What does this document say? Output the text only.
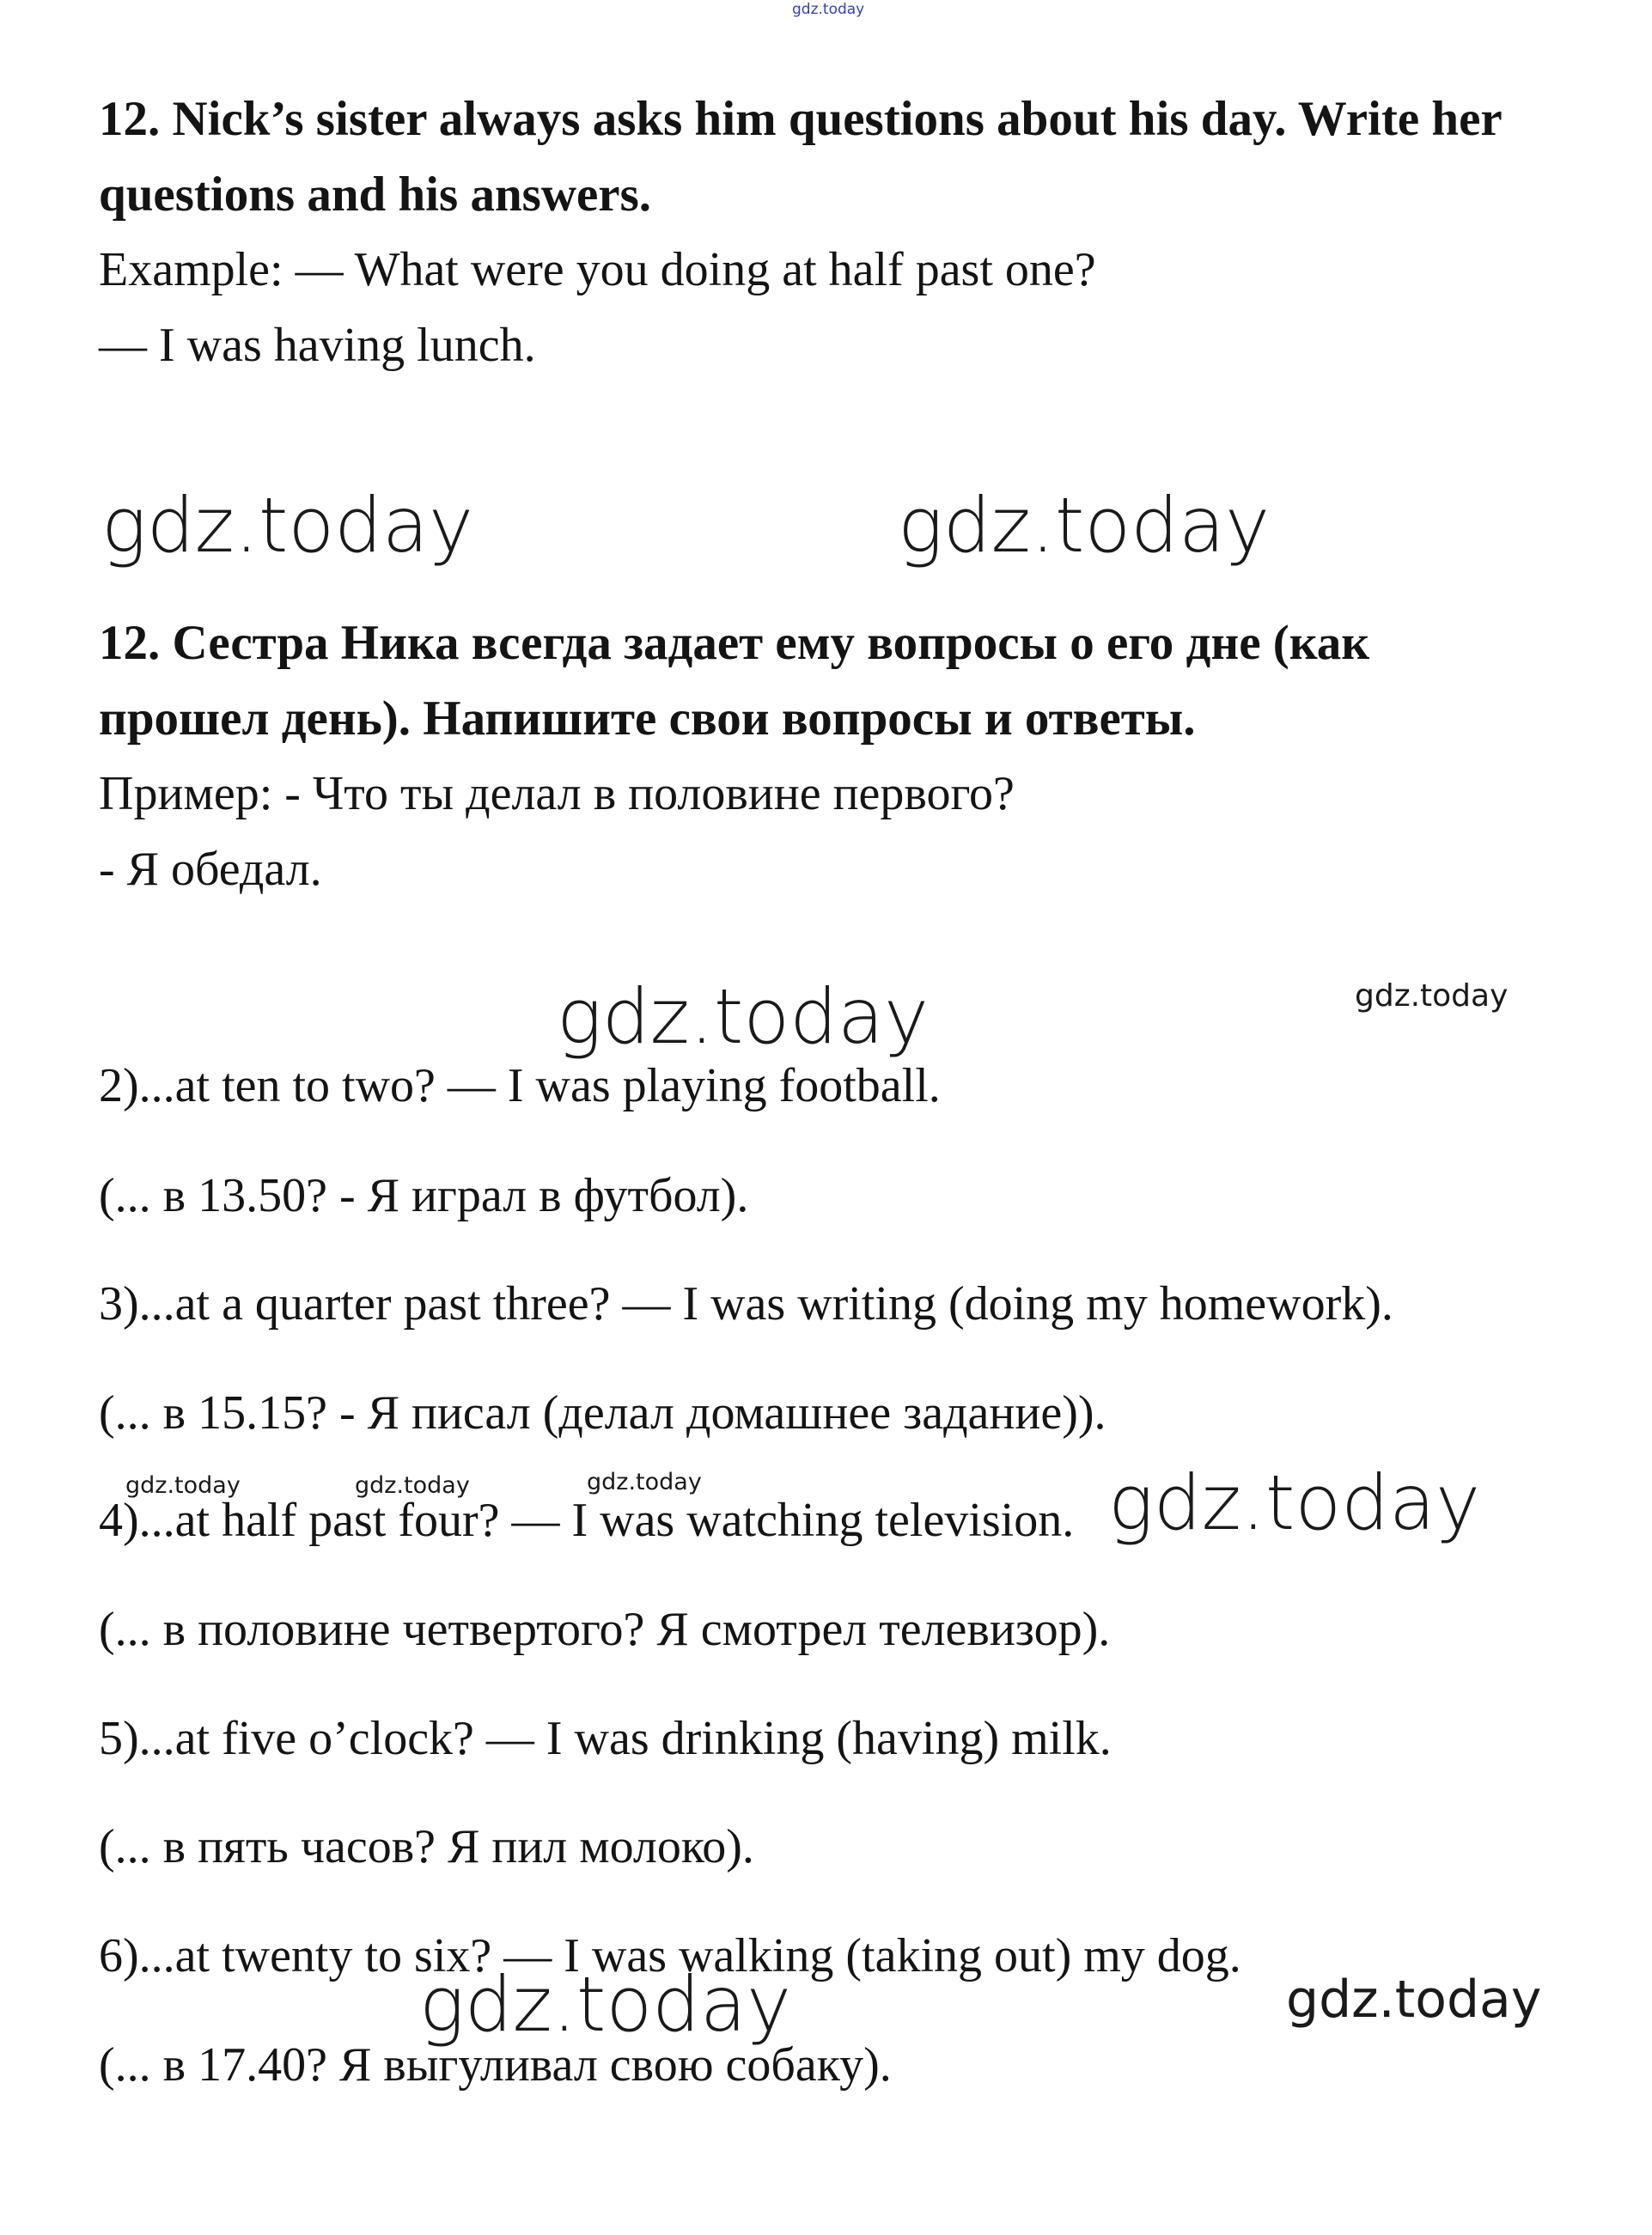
gdz.today
12. Nick’s sister always asks him questions about his day. Write her
questions and his answers.
Example: — What were you doing at half past one?
— I was having lunch.
gdz.today	gdz.today
12. Сестра Ника всегда задает ему вопросы о его дне (как
прошел день). Напишите свои вопросы и ответы.
Пример: - Что ты делал в половине первого?
- Я обедал.
gdz.today	gdz.today
2)...at ten to two? — I was playing football.
(... в 13.50? - Я играл в футбол).
3)...at a quarter past three? — I was writing (doing my homework).
(... в 15.15? - Я писал (делал домашнее задание)).
gdz.today	gdz.today	gdz.today
4)...at half past four? — I was watching television. gdz.today
(... в половине четвертого? Я смотрел телевизор).
5)...at five o’clock? — I was drinking (having) milk.
(... в пять часов? Я пил молоко).
6)...at twenty to six? — I was walking (taking out) my dog.
gdz.today	gdz.today
(... в 17.40? Я выгуливал свою собаку).
